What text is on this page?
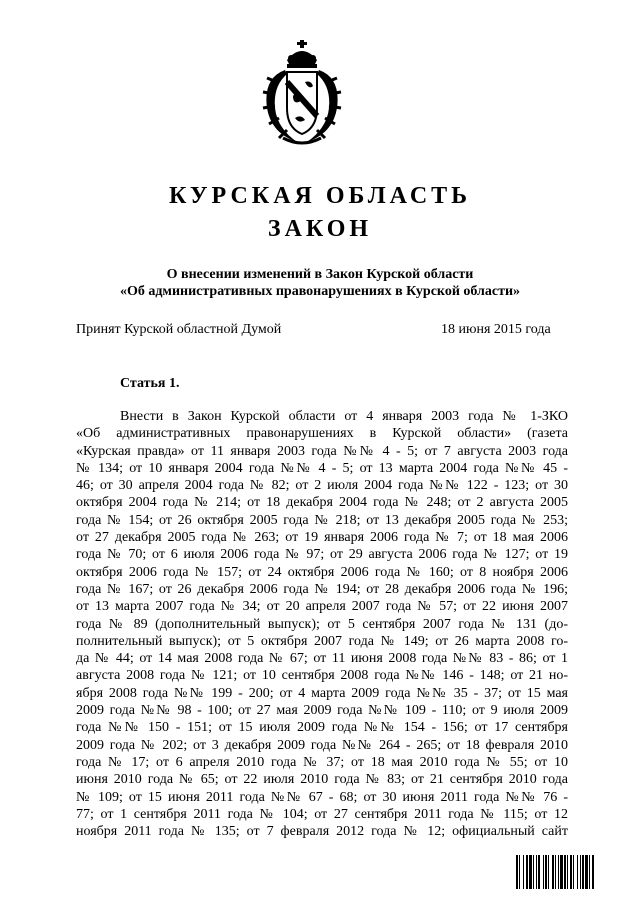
КУРСКАЯ ОБЛАСТЬ
ЗАКОН
О внесении изменений в Закон Курской области
«Об административных правонарушениях в Курской области»
Принят Курской областной Думой	18 июня 2015 года
Статья 1.
Внести в Закон Курской области от 4 января 2003 года № 1-ЗКО
«Об административных правонарушениях в Курской области» (газета
«Курская правда» от 11 января 2003 года №№ 4 - 5; от 7 августа 2003 года
№ 134; от 10 января 2004 года №№ 4 - 5; от 13 марта 2004 года №№ 45 -
46; от 30 апреля 2004 года № 82; от 2 июля 2004 года №№ 122 - 123; от 30
октября 2004 года № 214; от 18 декабря 2004 года № 248; от 2 августа 2005
года № 154; от 26 октября 2005 года № 218; от 13 декабря 2005 года № 253;
от 27 декабря 2005 года № 263; от 19 января 2006 года № 7; от 18 мая 2006
года № 70; от 6 июля 2006 года № 97; от 29 августа 2006 года № 127; от 19
октября 2006 года № 157; от 24 октября 2006 года № 160; от 8 ноября 2006
года № 167; от 26 декабря 2006 года № 194; от 28 декабря 2006 года № 196;
от 13 марта 2007 года № 34; от 20 апреля 2007 года № 57; от 22 июня 2007
года № 89 (дополнительный выпуск); от 5 сентября 2007 года № 131 (до-
полнительный выпуск); от 5 октября 2007 года № 149; от 26 марта 2008 го-
да № 44; от 14 мая 2008 года № 67; от 11 июня 2008 года №№ 83 - 86; от 1
августа 2008 года № 121; от 10 сентября 2008 года №№ 146 - 148; от 21 но-
ября 2008 года №№ 199 - 200; от 4 марта 2009 года №№ 35 - 37; от 15 мая
2009 года №№ 98 - 100; от 27 мая 2009 года №№ 109 - 110; от 9 июля 2009
года №№ 150 - 151; от 15 июля 2009 года №№ 154 - 156; от 17 сентября
2009 года № 202; от 3 декабря 2009 года №№ 264 - 265; от 18 февраля 2010
года № 17; от 6 апреля 2010 года № 37; от 18 мая 2010 года № 55; от 10
июня 2010 года № 65; от 22 июля 2010 года № 83; от 21 сентября 2010 года
№ 109; от 15 июня 2011 года №№ 67 - 68; от 30 июня 2011 года №№ 76 -
77; от 1 сентября 2011 года № 104; от 27 сентября 2011 года № 115; от 12
ноября 2011 года № 135; от 7 февраля 2012 года № 12; официальный сайт
